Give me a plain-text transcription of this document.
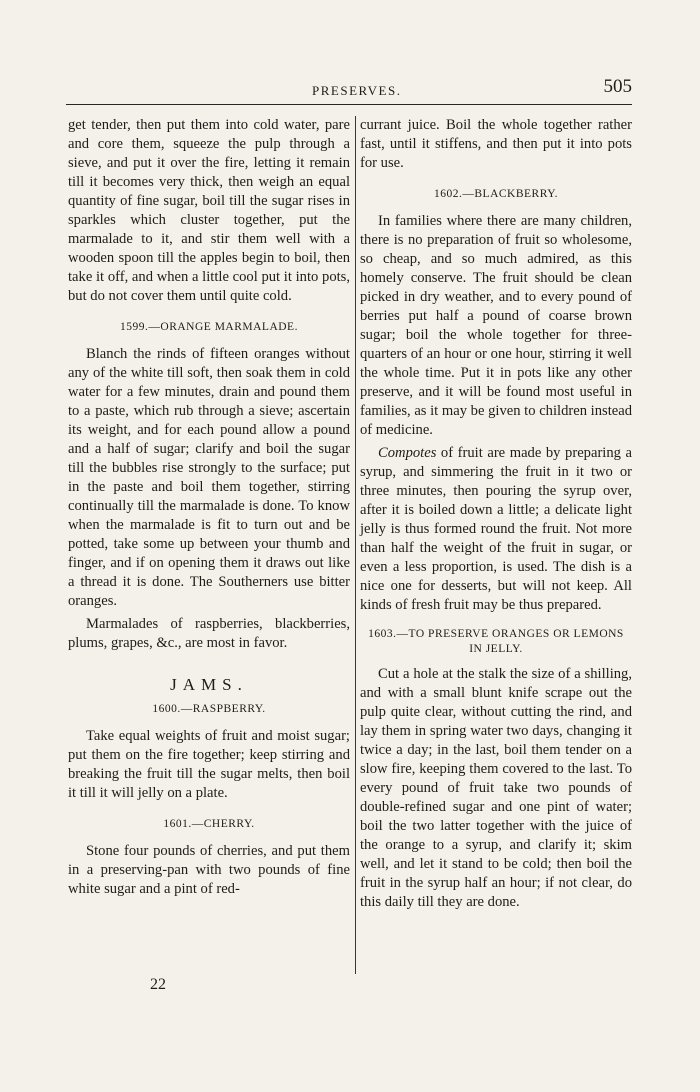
PRESERVES.	505

get tender, then put them into cold water, pare and core them, squeeze the pulp through a sieve, and put it over the fire, letting it remain till it becomes very thick, then weigh an equal quantity of fine sugar, boil till the sugar rises in sparkles which cluster together, put the marmalade to it, and stir them well with a wooden spoon till the apples begin to boil, then take it off, and when a little cool put it into pots, but do not cover them until quite cold.

1599.—ORANGE MARMALADE.

Blanch the rinds of fifteen oranges without any of the white till soft, then soak them in cold water for a few minutes, drain and pound them to a paste, which rub through a sieve; ascertain its weight, and for each pound allow a pound and a half of sugar; clarify and boil the sugar till the bubbles rise strongly to the surface; put in the paste and boil them together, stirring continually till the marmalade is done. To know when the marmalade is fit to turn out and be potted, take some up between your thumb and finger, and if on opening them it draws out like a thread it is done. The Southerners use bitter oranges.

Marmalades of raspberries, blackberries, plums, grapes, &c., are most in favor.

JAMS.
1600.—RASPBERRY.

Take equal weights of fruit and moist sugar; put them on the fire together; keep stirring and breaking the fruit till the sugar melts, then boil it till it will jelly on a plate.

1601.—CHERRY.

Stone four pounds of cherries, and put them in a preserving-pan with two pounds of fine white sugar and a pint of red-

currant juice. Boil the whole together rather fast, until it stiffens, and then put it into pots for use.

1602.—BLACKBERRY.

In families where there are many children, there is no preparation of fruit so wholesome, so cheap, and so much admired, as this homely conserve. The fruit should be clean picked in dry weather, and to every pound of berries put half a pound of coarse brown sugar; boil the whole together for three-quarters of an hour or one hour, stirring it well the whole time. Put it in pots like any other preserve, and it will be found most useful in families, as it may be given to children instead of medicine.

Compotes of fruit are made by preparing a syrup, and simmering the fruit in it two or three minutes, then pouring the syrup over, after it is boiled down a little; a delicate light jelly is thus formed round the fruit. Not more than half the weight of the fruit in sugar, or even a less proportion, is used. The dish is a nice one for desserts, but will not keep. All kinds of fresh fruit may be thus prepared.

1603.—TO PRESERVE ORANGES OR LEMONS
IN JELLY.

Cut a hole at the stalk the size of a shilling, and with a small blunt knife scrape out the pulp quite clear, without cutting the rind, and lay them in spring water two days, changing it twice a day; in the last, boil them tender on a slow fire, keeping them covered to the last. To every pound of fruit take two pounds of double-refined sugar and one pint of water; boil the two latter together with the juice of the orange to a syrup, and clarify it; skim well, and let it stand to be cold; then boil the fruit in the syrup half an hour; if not clear, do this daily till they are done.

22
